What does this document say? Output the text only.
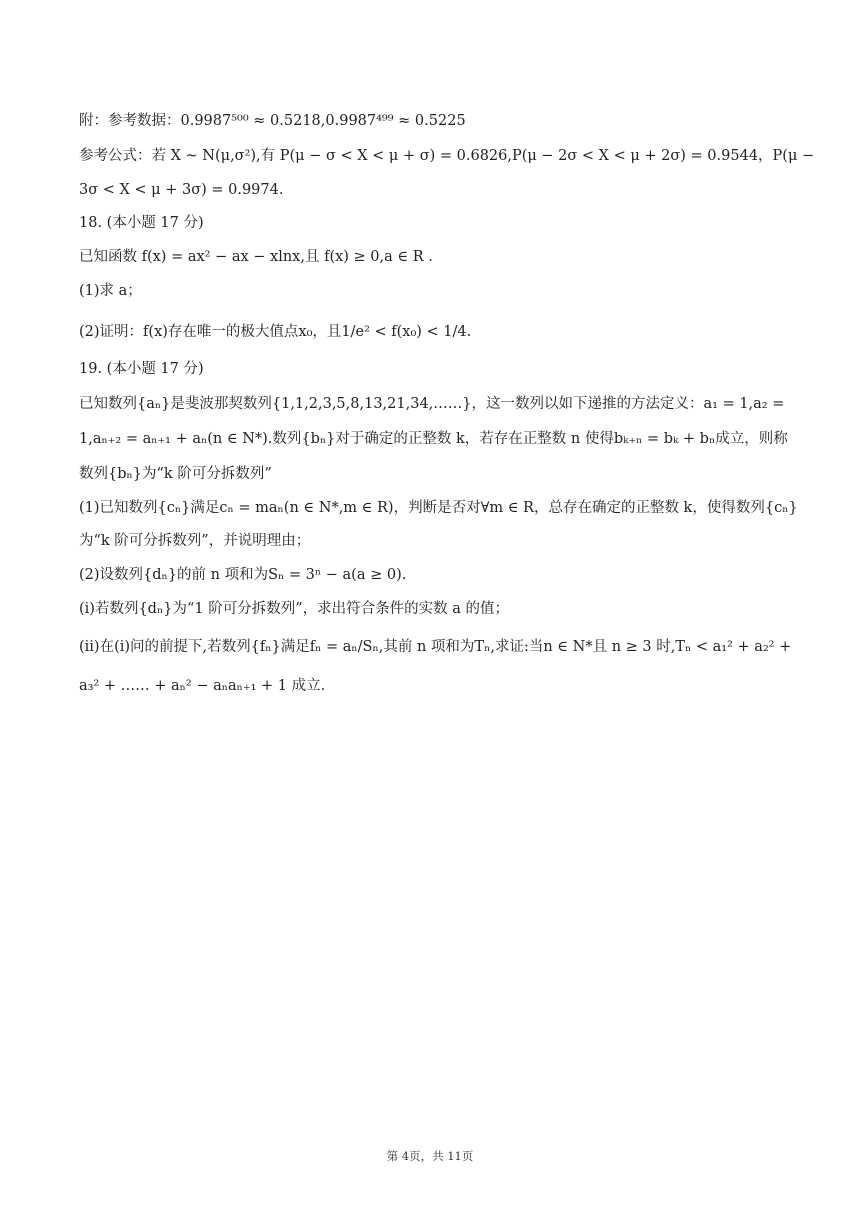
附：参考数据：0.9987⁵⁰⁰ ≈ 0.5218,0.9987⁴⁹⁹ ≈ 0.5225
参考公式：若 X ~ N(μ,σ²),有 P(μ − σ < X < μ + σ) = 0.6826,P(μ − 2σ < X < μ + 2σ) = 0.9544，P(μ −
3σ < X < μ + 3σ) = 0.9974.
18. (本小题 17 分)
已知函数 f(x) = ax² − ax − xlnx,且 f(x) ≥ 0,a ∈ R .
(1)求 a；
(2)证明：f(x)存在唯一的极大值点x₀，且1/e² < f(x₀) < 1/4.
19. (本小题 17 分)
已知数列{aₙ}是斐波那契数列{1,1,2,3,5,8,13,21,34,……}，这一数列以如下递推的方法定义：a₁ = 1,a₂ =
1,aₙ₊₂ = aₙ₊₁ + aₙ(n ∈ N*).数列{bₙ}对于确定的正整数 k，若存在正整数 n 使得bₖ₊ₙ = bₖ + bₙ成立，则称
数列{bₙ}为“k 阶可分拆数列”
(1)已知数列{cₙ}满足cₙ = maₙ(n ∈ N*,m ∈ R)，判断是否对∀m ∈ R，总存在确定的正整数 k，使得数列{cₙ}
为“k 阶可分拆数列”，并说明理由；
(2)设数列{dₙ}的前 n 项和为Sₙ = 3ⁿ − a(a ≥ 0).
(ⅰ)若数列{dₙ}为“1 阶可分拆数列”，求出符合条件的实数 a 的值；
(ⅱ)在(ⅰ)问的前提下,若数列{fₙ}满足fₙ = aₙ/Sₙ,其前 n 项和为Tₙ,求证:当n ∈ N*且 n ≥ 3 时,Tₙ < a₁² + a₂² +
a₃² + …… + aₙ² − aₙaₙ₊₁ + 1 成立.
第 4页，共 11页
